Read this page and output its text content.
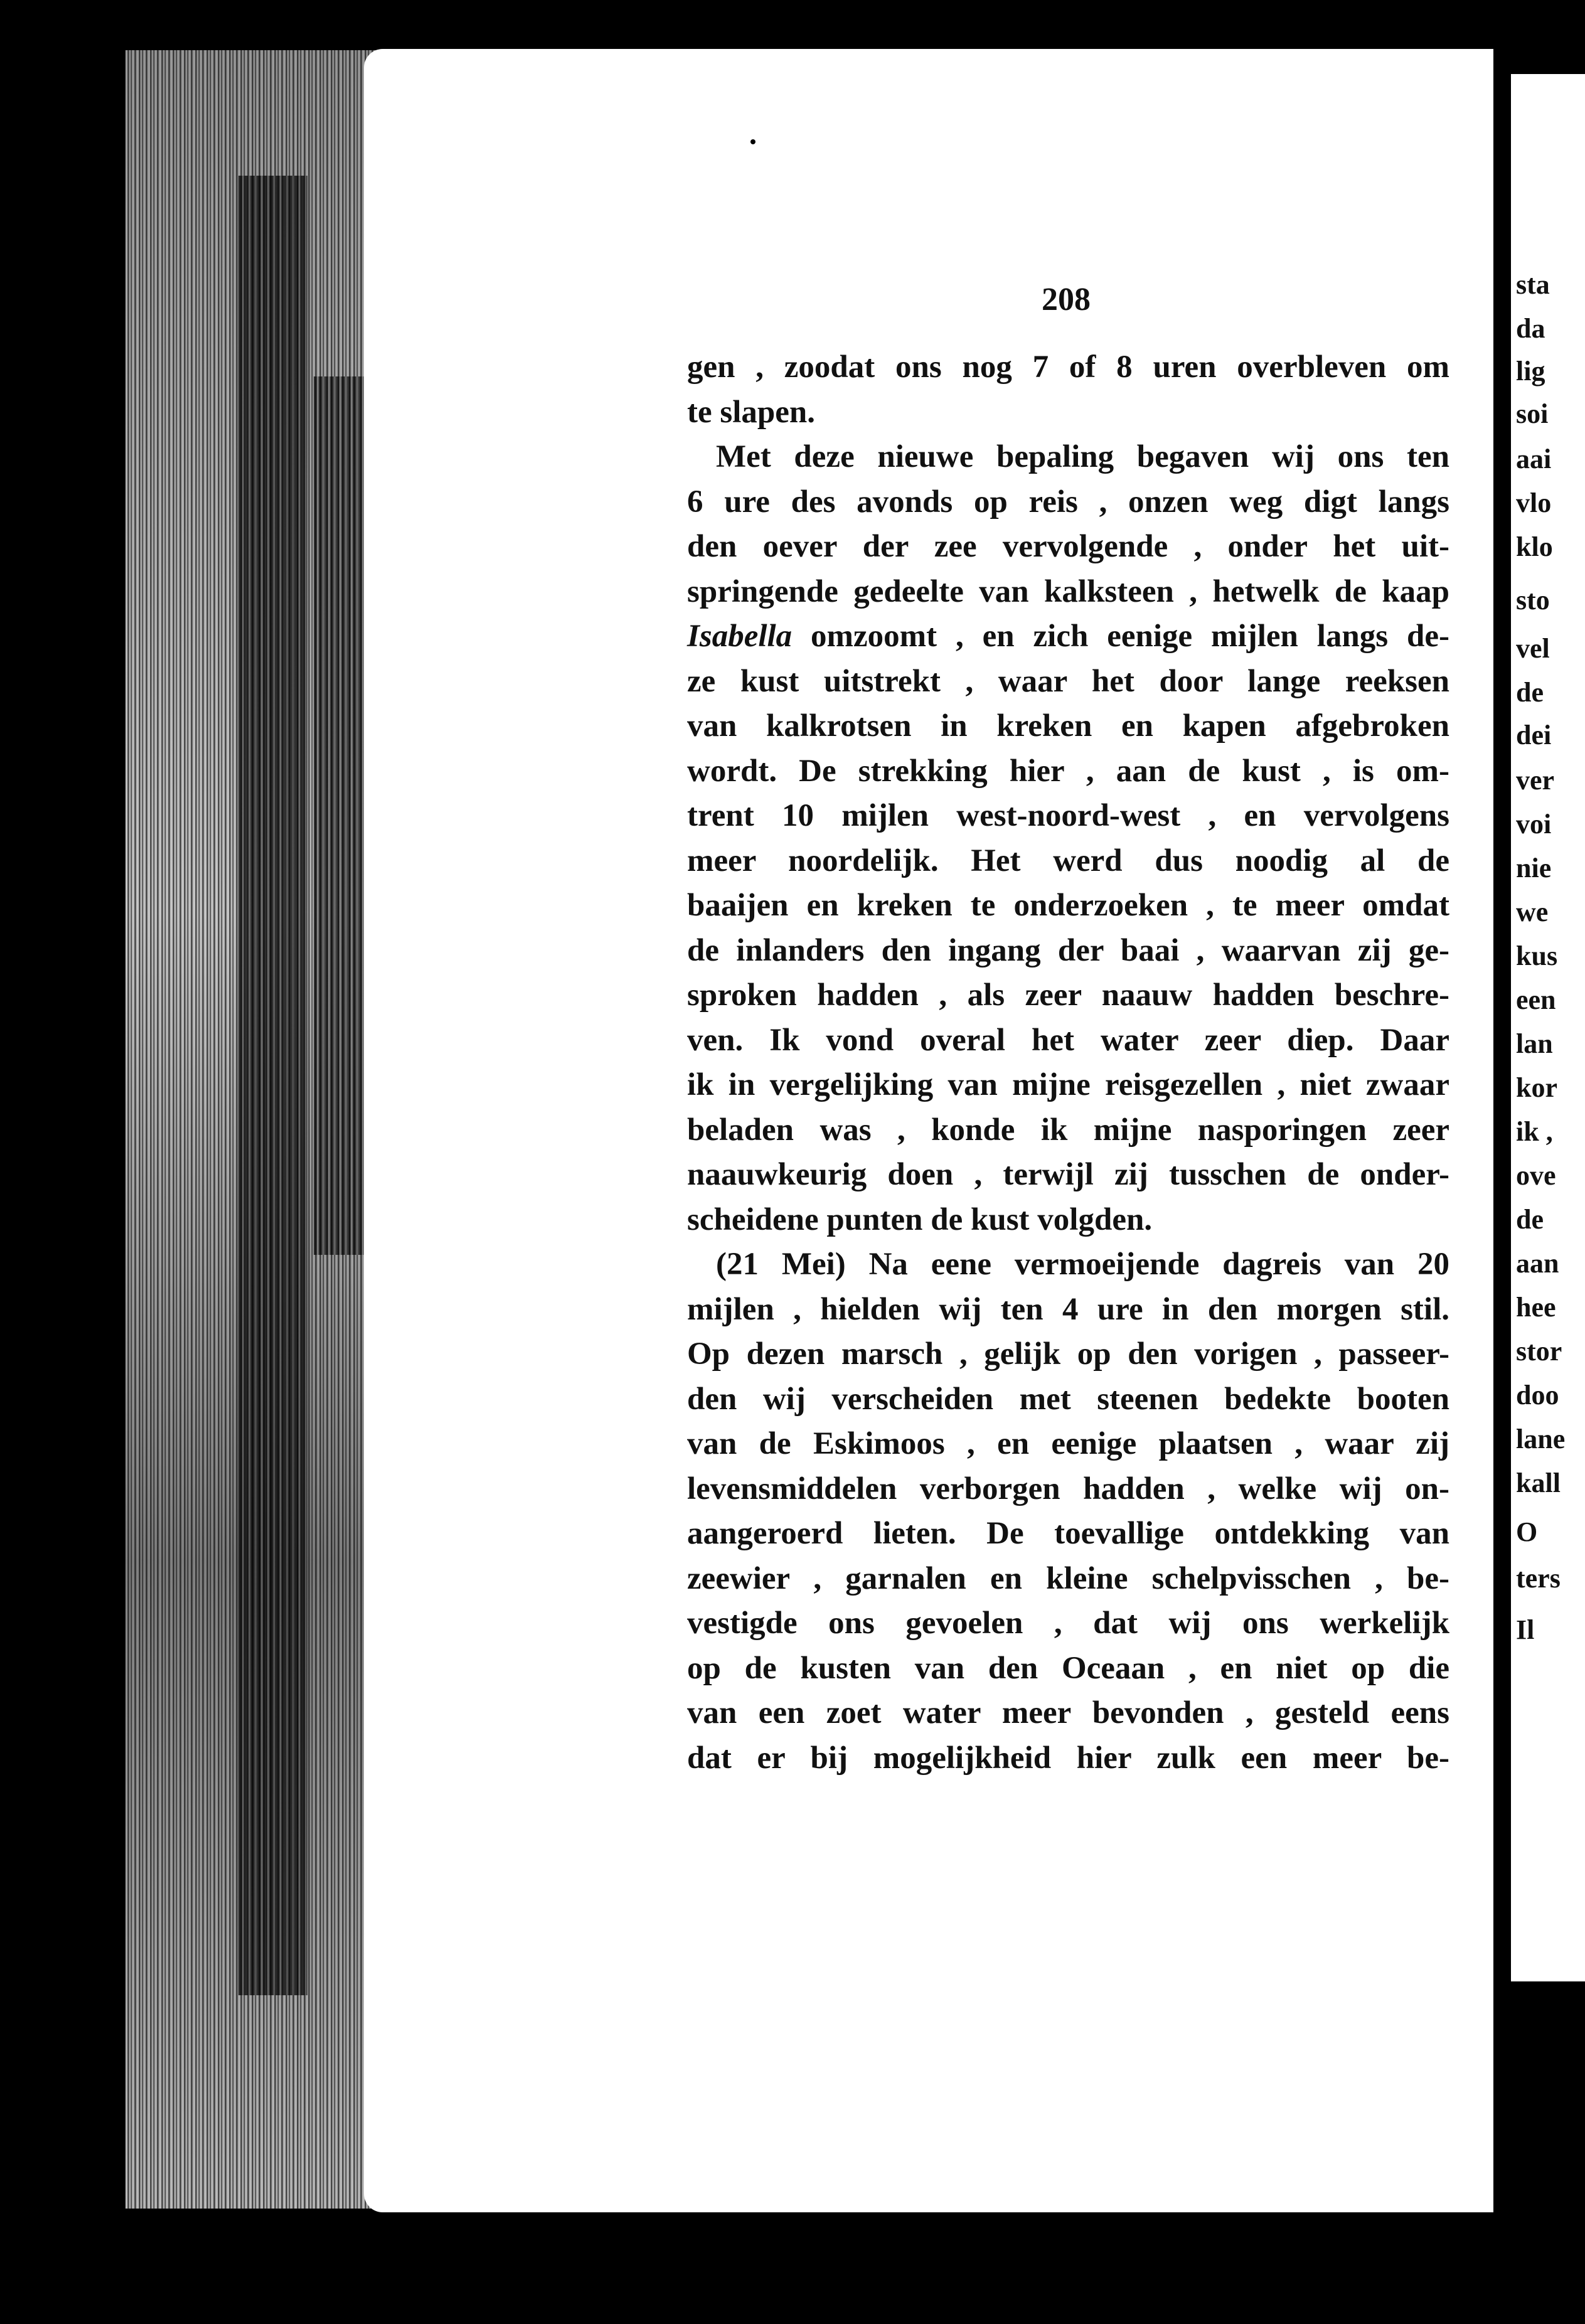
208
gen , zoodat ons nog 7 of 8 uren overbleven om
te slapen.
Met deze nieuwe bepaling begaven wij ons ten
6 ure des avonds op reis , onzen weg digt langs
den oever der zee vervolgende , onder het uit-
springende gedeelte van kalksteen , hetwelk de kaap
Isabella omzoomt , en zich eenige mijlen langs de-
ze kust uitstrekt , waar het door lange reeksen
van kalkrotsen in kreken en kapen afgebroken
wordt. De strekking hier , aan de kust , is om-
trent 10 mijlen west-noord-west , en vervolgens
meer noordelijk. Het werd dus noodig al de
baaijen en kreken te onderzoeken , te meer omdat
de inlanders den ingang der baai , waarvan zij ge-
sproken hadden , als zeer naauw hadden beschre-
ven. Ik vond overal het water zeer diep. Daar
ik in vergelijking van mijne reisgezellen , niet zwaar
beladen was , konde ik mijne nasporingen zeer
naauwkeurig doen , terwijl zij tusschen de onder-
scheidene punten de kust volgden.
(21 Mei) Na eene vermoeijende dagreis van 20
mijlen , hielden wij ten 4 ure in den morgen stil.
Op dezen marsch , gelijk op den vorigen , passeer-
den wij verscheiden met steenen bedekte booten
van de Eskimoos , en eenige plaatsen , waar zij
levensmiddelen verborgen hadden , welke wij on-
aangeroerd lieten. De toevallige ontdekking van
zeewier , garnalen en kleine schelpvisschen , be-
vestigde ons gevoelen , dat wij ons werkelijk
op de kusten van den Oceaan , en niet op die
van een zoet water meer bevonden , gesteld eens
dat er bij mogelijkheid hier zulk een meer be-
sta
da
lig
soi
aai
vlo
klo
sto
vel
de
dei
ver
voi
nie
we
kus
een
lan
kor
ik ,
ove
de
aan
hee
stor
doo
lane
kall
O
ters
Il
